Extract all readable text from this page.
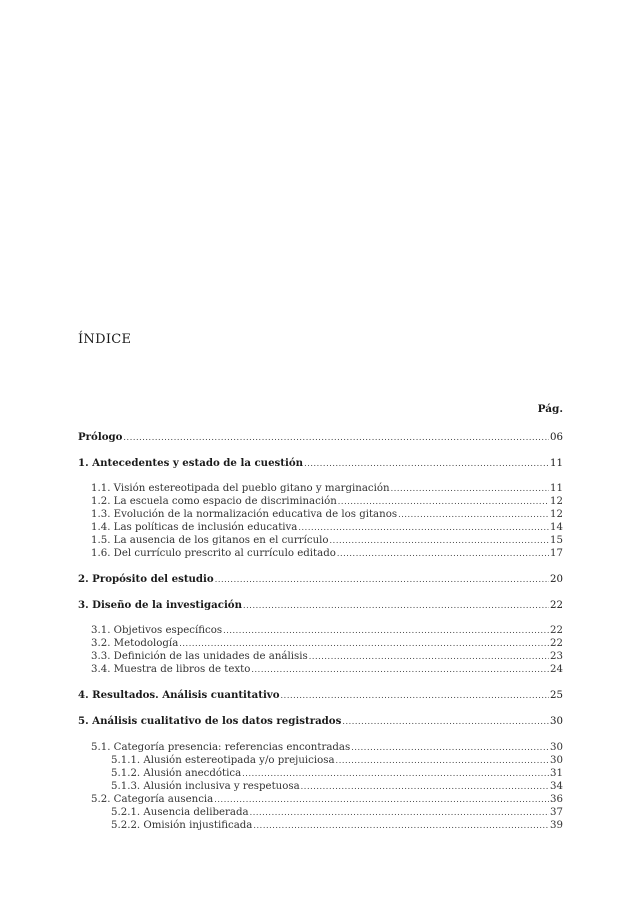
ÍNDICE
Pág.
Prólogo .....	06
1. Antecedentes y estado de la cuestión .....	11
1.1. Visión estereotipada del pueblo gitano y marginación .....	11
1.2. La escuela como espacio de discriminación .....	12
1.3. Evolución de la normalización educativa de los gitanos .....	12
1.4. Las políticas de inclusión educativa .....	14
1.5. La ausencia de los gitanos en el currículo .....	15
1.6. Del currículo prescrito al currículo editado .....	17
2. Propósito del estudio .....	20
3. Diseño de la investigación .....	22
3.1. Objetivos específicos .....	22
3.2. Metodología .....	22
3.3. Definición de las unidades de análisis .....	23
3.4. Muestra de libros de texto .....	24
4. Resultados. Análisis cuantitativo .....	25
5. Análisis cualitativo de los datos registrados .....	30
5.1. Categoría presencia: referencias encontradas .....	30
5.1.1. Alusión estereotipada y/o prejuiciosa .....	30
5.1.2. Alusión anecdótica .....	31
5.1.3. Alusión inclusiva y respetuosa .....	34
5.2. Categoría ausencia .....	36
5.2.1. Ausencia deliberada .....	37
5.2.2. Omisión injustificada .....	39
